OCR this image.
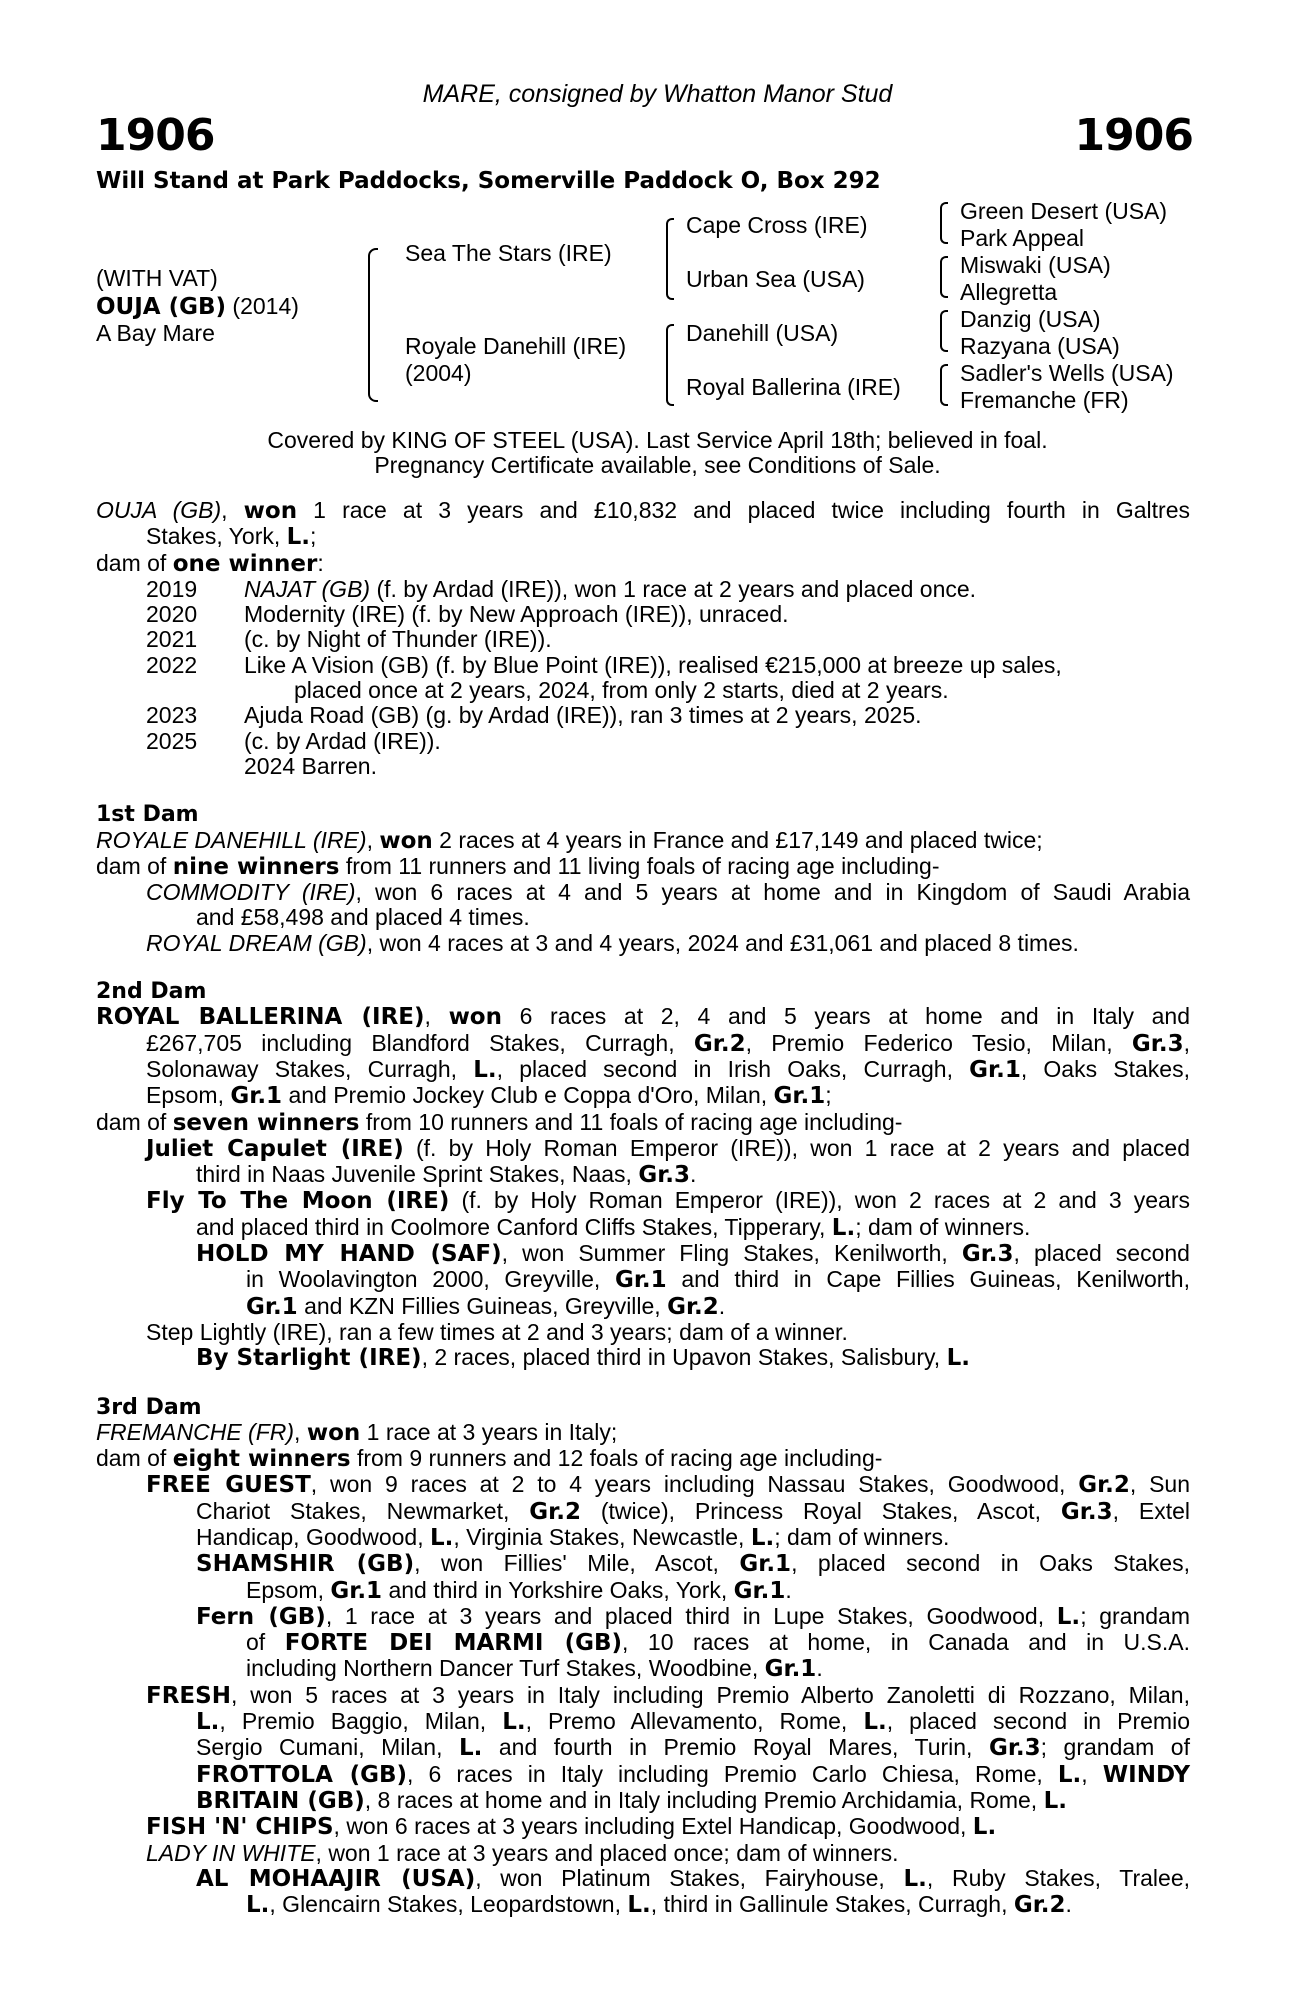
MARE, consigned by Whatton Manor Stud
1906	1906
Will Stand at Park Paddocks, Somerville Paddock O, Box 292
(WITH VAT)
OUJA (GB) (2014)
A Bay Mare
Sea The Stars (IRE)
Royale Danehill (IRE)
(2004)
Cape Cross (IRE)
Urban Sea (USA)
Danehill (USA)
Royal Ballerina (IRE)
Green Desert (USA)
Park Appeal
Miswaki (USA)
Allegretta
Danzig (USA)
Razyana (USA)
Sadler's Wells (USA)
Fremanche (FR)
Covered by KING OF STEEL (USA). Last Service April 18th; believed in foal.
Pregnancy Certificate available, see Conditions of Sale.
OUJA (GB), won 1 race at 3 years and £10,832 and placed twice including fourth in Galtres
Stakes, York, L.;
dam of one winner:
2019 NAJAT (GB) (f. by Ardad (IRE)), won 1 race at 2 years and placed once.
2020 Modernity (IRE) (f. by New Approach (IRE)), unraced.
2021 (c. by Night of Thunder (IRE)).
2022 Like A Vision (GB) (f. by Blue Point (IRE)), realised €215,000 at breeze up sales,
placed once at 2 years, 2024, from only 2 starts, died at 2 years.
2023 Ajuda Road (GB) (g. by Ardad (IRE)), ran 3 times at 2 years, 2025.
2025 (c. by Ardad (IRE)).
2024 Barren.
1st Dam
ROYALE DANEHILL (IRE), won 2 races at 4 years in France and £17,149 and placed twice;
dam of nine winners from 11 runners and 11 living foals of racing age including-
COMMODITY (IRE), won 6 races at 4 and 5 years at home and in Kingdom of Saudi Arabia
and £58,498 and placed 4 times.
ROYAL DREAM (GB), won 4 races at 3 and 4 years, 2024 and £31,061 and placed 8 times.
2nd Dam
ROYAL BALLERINA (IRE), won 6 races at 2, 4 and 5 years at home and in Italy and
£267,705 including Blandford Stakes, Curragh, Gr.2, Premio Federico Tesio, Milan, Gr.3,
Solonaway Stakes, Curragh, L., placed second in Irish Oaks, Curragh, Gr.1, Oaks Stakes,
Epsom, Gr.1 and Premio Jockey Club e Coppa d'Oro, Milan, Gr.1;
dam of seven winners from 10 runners and 11 foals of racing age including-
Juliet Capulet (IRE) (f. by Holy Roman Emperor (IRE)), won 1 race at 2 years and placed
third in Naas Juvenile Sprint Stakes, Naas, Gr.3.
Fly To The Moon (IRE) (f. by Holy Roman Emperor (IRE)), won 2 races at 2 and 3 years
and placed third in Coolmore Canford Cliffs Stakes, Tipperary, L.; dam of winners.
HOLD MY HAND (SAF), won Summer Fling Stakes, Kenilworth, Gr.3, placed second
in Woolavington 2000, Greyville, Gr.1 and third in Cape Fillies Guineas, Kenilworth,
Gr.1 and KZN Fillies Guineas, Greyville, Gr.2.
Step Lightly (IRE), ran a few times at 2 and 3 years; dam of a winner.
By Starlight (IRE), 2 races, placed third in Upavon Stakes, Salisbury, L.
3rd Dam
FREMANCHE (FR), won 1 race at 3 years in Italy;
dam of eight winners from 9 runners and 12 foals of racing age including-
FREE GUEST, won 9 races at 2 to 4 years including Nassau Stakes, Goodwood, Gr.2, Sun
Chariot Stakes, Newmarket, Gr.2 (twice), Princess Royal Stakes, Ascot, Gr.3, Extel
Handicap, Goodwood, L., Virginia Stakes, Newcastle, L.; dam of winners.
SHAMSHIR (GB), won Fillies' Mile, Ascot, Gr.1, placed second in Oaks Stakes,
Epsom, Gr.1 and third in Yorkshire Oaks, York, Gr.1.
Fern (GB), 1 race at 3 years and placed third in Lupe Stakes, Goodwood, L.; grandam
of FORTE DEI MARMI (GB), 10 races at home, in Canada and in U.S.A.
including Northern Dancer Turf Stakes, Woodbine, Gr.1.
FRESH, won 5 races at 3 years in Italy including Premio Alberto Zanoletti di Rozzano, Milan,
L., Premio Baggio, Milan, L., Premo Allevamento, Rome, L., placed second in Premio
Sergio Cumani, Milan, L. and fourth in Premio Royal Mares, Turin, Gr.3; grandam of
FROTTOLA (GB), 6 races in Italy including Premio Carlo Chiesa, Rome, L., WINDY
BRITAIN (GB), 8 races at home and in Italy including Premio Archidamia, Rome, L.
FISH 'N' CHIPS, won 6 races at 3 years including Extel Handicap, Goodwood, L.
LADY IN WHITE, won 1 race at 3 years and placed once; dam of winners.
AL MOHAAJIR (USA), won Platinum Stakes, Fairyhouse, L., Ruby Stakes, Tralee,
L., Glencairn Stakes, Leopardstown, L., third in Gallinule Stakes, Curragh, Gr.2.
